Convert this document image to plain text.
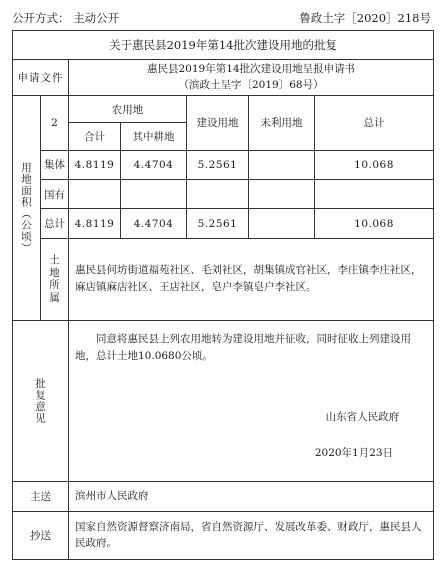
公开方式： 主动公开	鲁政土字［2020］218号
关于惠民县2019年第14批次建设用地的批复						
申请文件		惠民县2019年第14批次建设用地呈报申请书
（滨政土呈字〔2019〕68号）				

用地面积（公顷）	2	农用地		建设用地	未利用地	总计
		合计	其中耕地			
	集体	4.8119	4.4704	5.2561		10.068
	国有					
	总计	4.8119	4.4704	5.2561		10.068

	土地所属	惠民县何坊街道福苑社区、毛刘社区，胡集镇成官社区，李庄镇李庄社区，麻店镇麻店社区、王店社区，皂户李镇皂户李社区。				

批复意见		同意将惠民县上列农用地转为建设用地并征收，同时征收上列建设用地，总计土地10.0680公顷。
山东省人民政府
2020年1月23日				

主送		滨州市人民政府				
抄送		国家自然资源督察济南局，省自然资源厅、发展改革委、财政厅，惠民县人民政府。				
